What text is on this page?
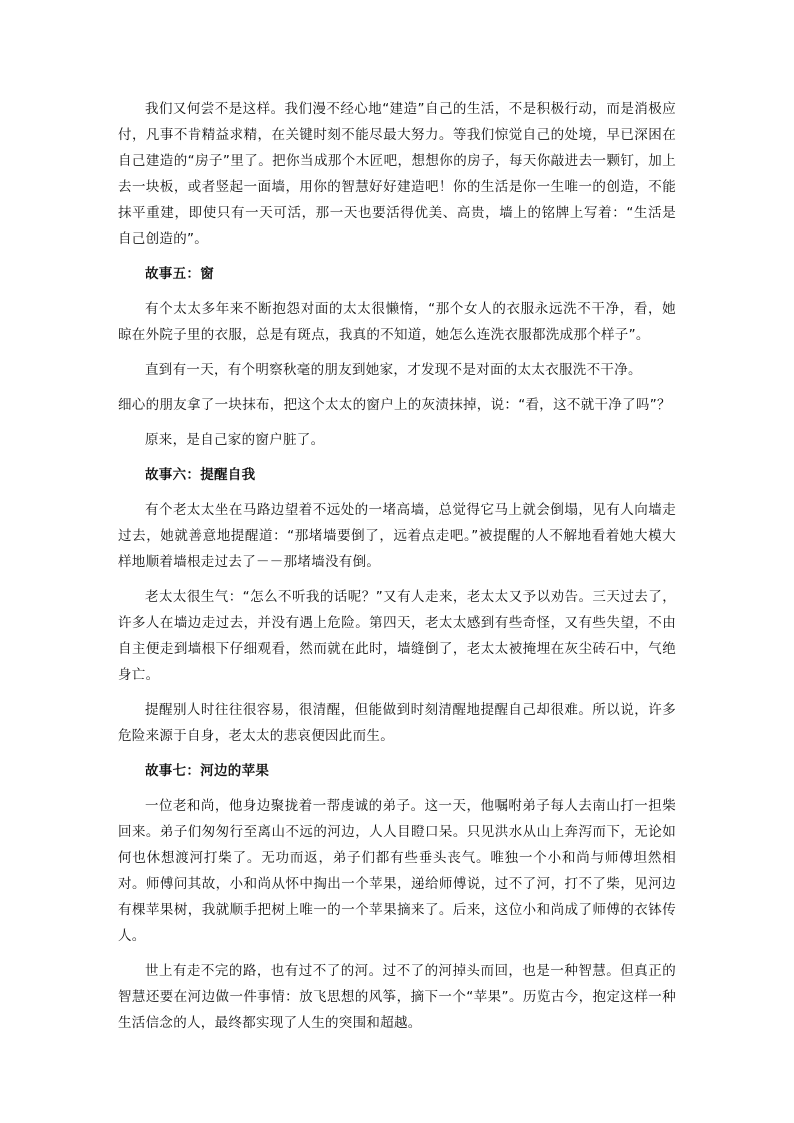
我们又何尝不是这样。我们漫不经心地“建造”自己的生活，不是积极行动，而是消极应付，凡事不肯精益求精，在关键时刻不能尽最大努力。等我们惊觉自己的处境，早已深困在自己建造的“房子”里了。把你当成那个木匠吧，想想你的房子，每天你敲进去一颗钉，加上去一块板，或者竖起一面墙，用你的智慧好好建造吧！你的生活是你一生唯一的创造，不能抹平重建，即使只有一天可活，那一天也要活得优美、高贵，墙上的铭牌上写着：“生活是自己创造的”。

故事五：窗

有个太太多年来不断抱怨对面的太太很懒惰，“那个女人的衣服永远洗不干净，看，她晾在外院子里的衣服，总是有斑点，我真的不知道，她怎么连洗衣服都洗成那个样子”。

直到有一天，有个明察秋毫的朋友到她家，才发现不是对面的太太衣服洗不干净。

细心的朋友拿了一块抹布，把这个太太的窗户上的灰渍抹掉，说：“看，这不就干净了吗”？

原来，是自己家的窗户脏了。

故事六：提醒自我

有个老太太坐在马路边望着不远处的一堵高墙，总觉得它马上就会倒塌，见有人向墙走过去，她就善意地提醒道：“那堵墙要倒了，远着点走吧。”被提醒的人不解地看着她大模大样地顺着墙根走过去了－－那堵墙没有倒。

老太太很生气：“怎么不听我的话呢？”又有人走来，老太太又予以劝告。三天过去了，许多人在墙边走过去，并没有遇上危险。第四天，老太太感到有些奇怪，又有些失望，不由自主便走到墙根下仔细观看，然而就在此时，墙缝倒了，老太太被掩埋在灰尘砖石中，气绝身亡。

提醒别人时往往很容易，很清醒，但能做到时刻清醒地提醒自己却很难。所以说，许多危险来源于自身，老太太的悲哀便因此而生。

故事七：河边的苹果

一位老和尚，他身边聚拢着一帮虔诚的弟子。这一天，他嘱咐弟子每人去南山打一担柴回来。弟子们匆匆行至离山不远的河边，人人目瞪口呆。只见洪水从山上奔泻而下，无论如何也休想渡河打柴了。无功而返，弟子们都有些垂头丧气。唯独一个小和尚与师傅坦然相对。师傅问其故，小和尚从怀中掏出一个苹果，递给师傅说，过不了河，打不了柴，见河边有棵苹果树，我就顺手把树上唯一的一个苹果摘来了。后来，这位小和尚成了师傅的衣钵传人。

世上有走不完的路，也有过不了的河。过不了的河掉头而回，也是一种智慧。但真正的智慧还要在河边做一件事情：放飞思想的风筝，摘下一个“苹果”。历览古今，抱定这样一种生活信念的人，最终都实现了人生的突围和超越。
